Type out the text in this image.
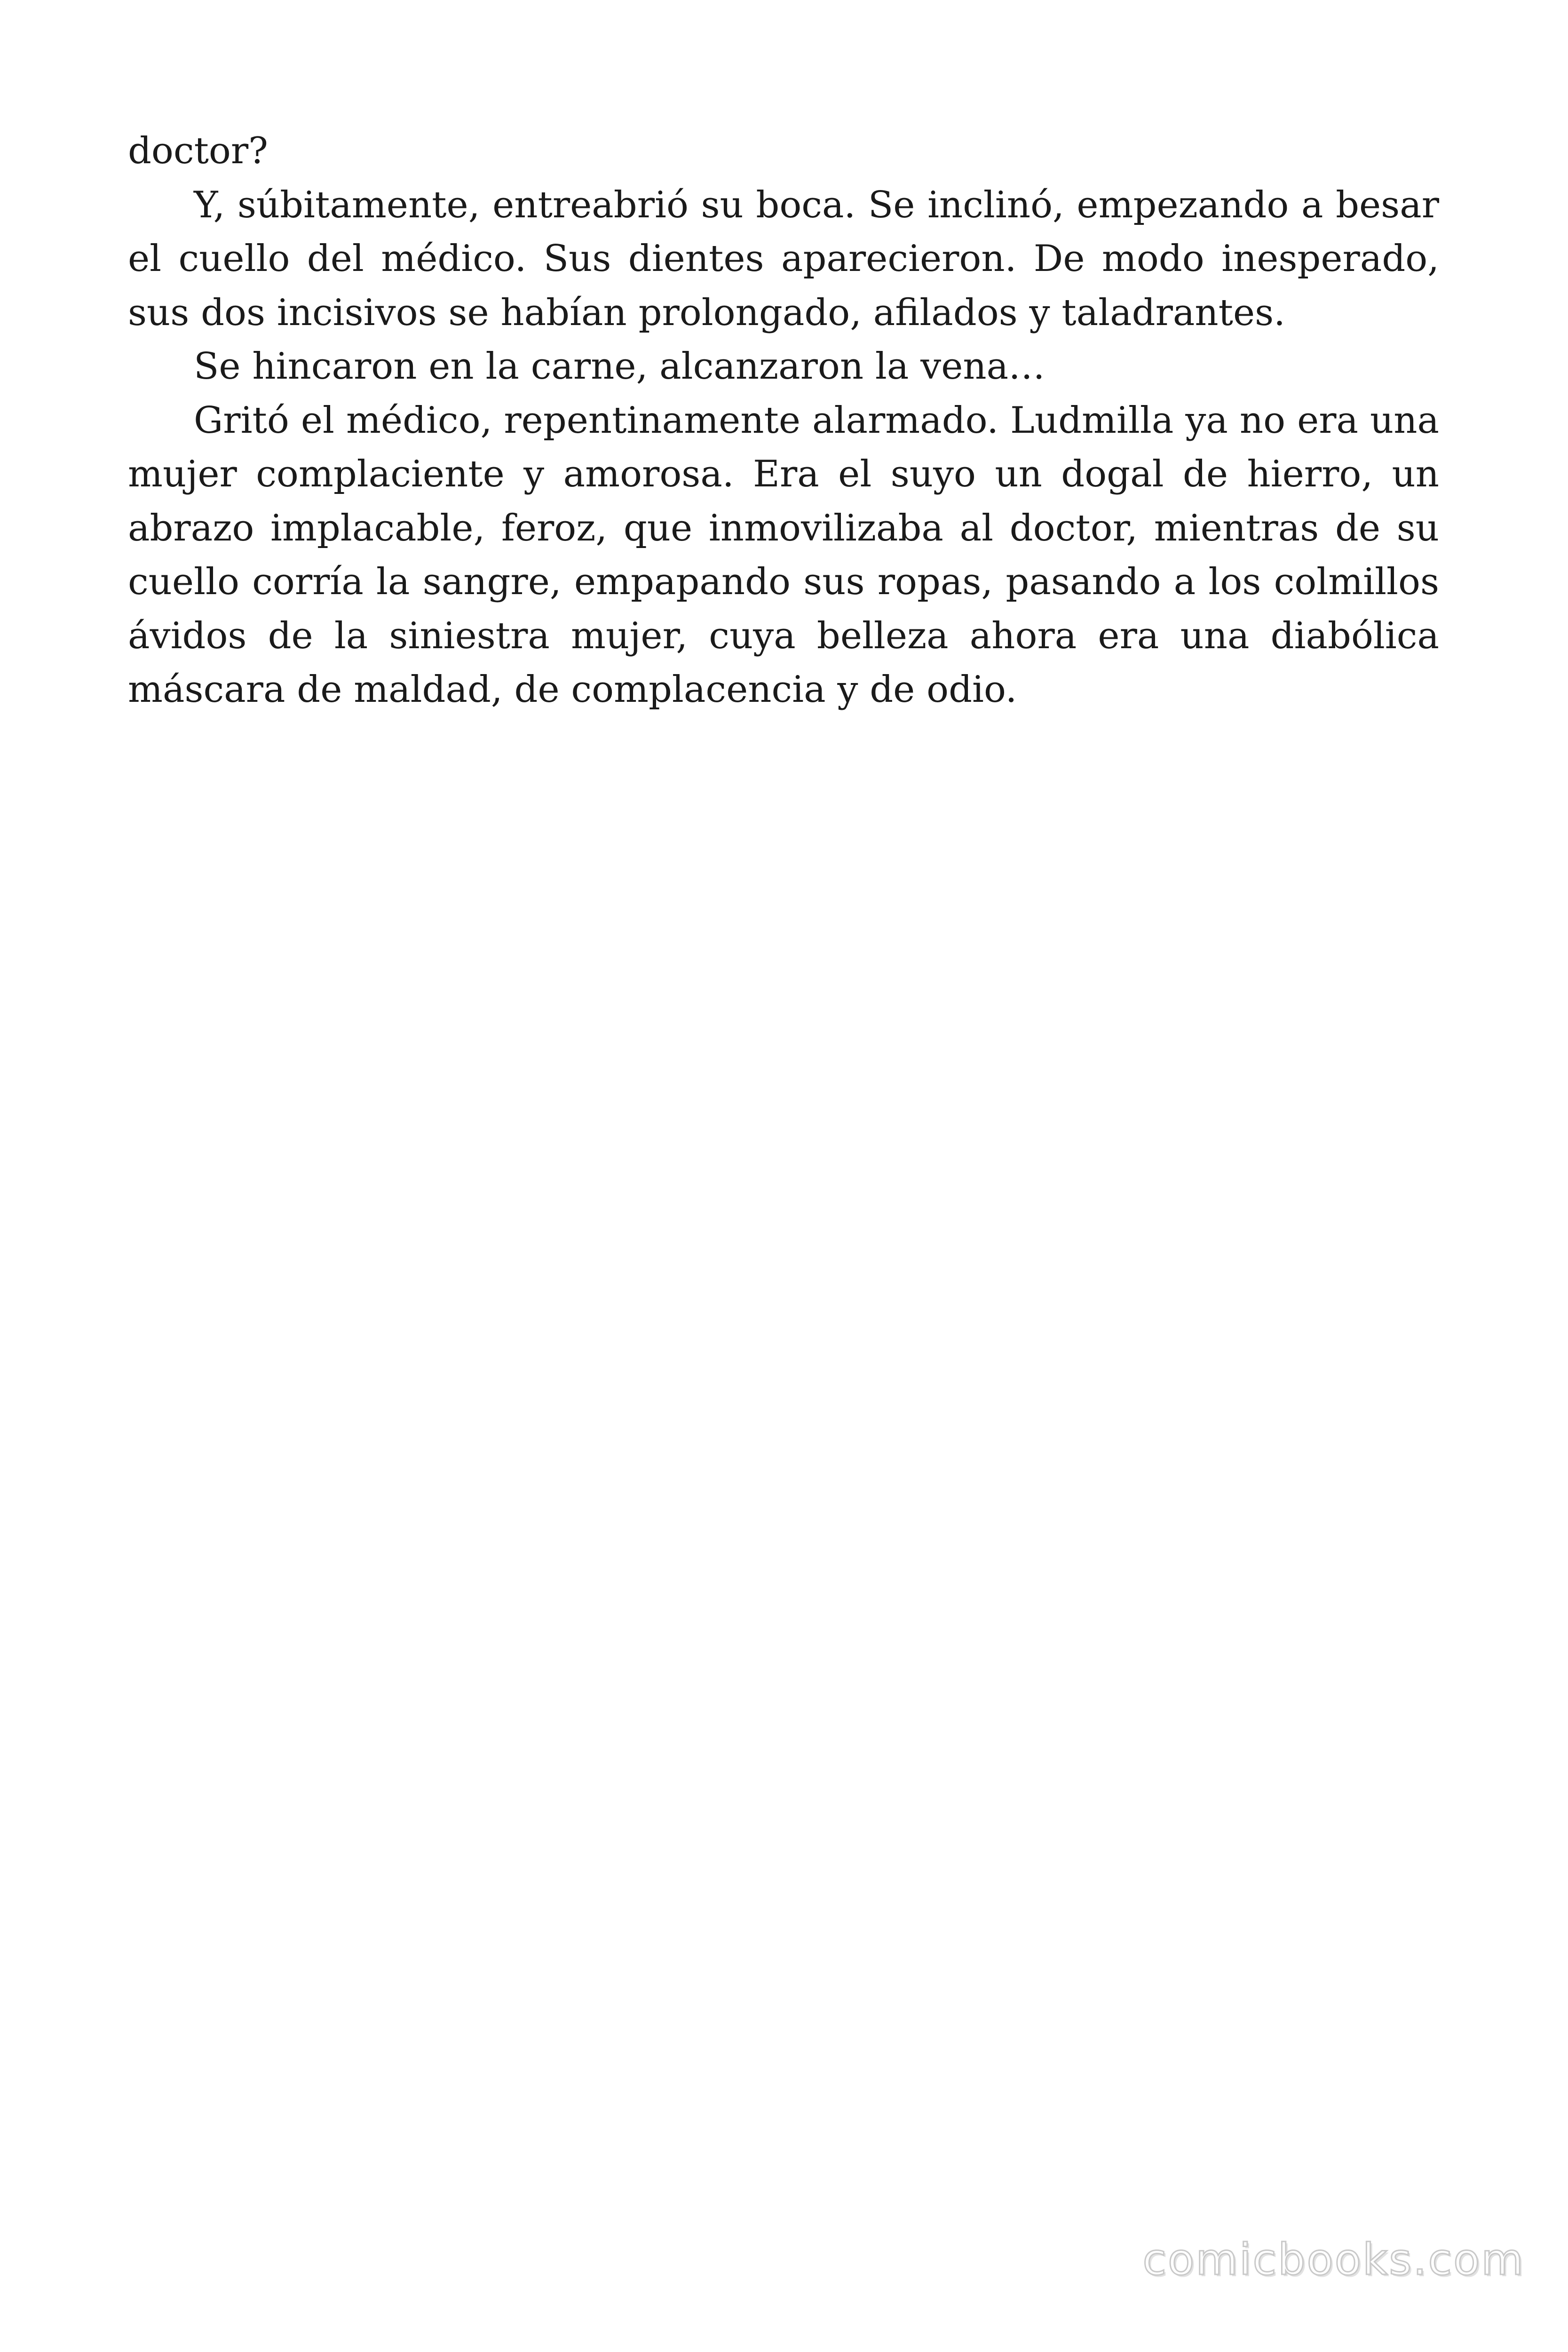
doctor?

Y, súbitamente, entreabrió su boca. Se inclinó, empezando a besar el cuello del médico. Sus dientes aparecieron. De modo inesperado, sus dos incisivos se habían prolongado, afilados y taladrantes.

Se hincaron en la carne, alcanzaron la vena…

Gritó el médico, repentinamente alarmado. Ludmilla ya no era una mujer complaciente y amorosa. Era el suyo un dogal de hierro, un abrazo implacable, feroz, que inmovilizaba al doctor, mientras de su cuello corría la sangre, empapando sus ropas, pasando a los colmillos ávidos de la siniestra mujer, cuya belleza ahora era una diabólica máscara de maldad, de complacencia y de odio.

comicbooks.com
